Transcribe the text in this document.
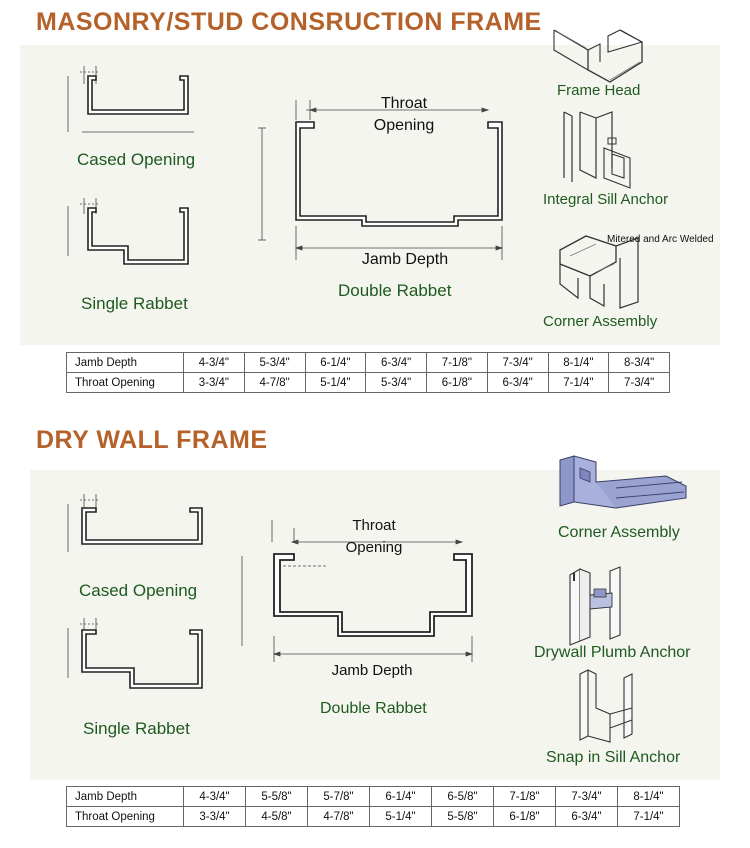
MASONRY/STUD CONSRUCTION FRAME
Cased Opening
Single Rabbet
Throat
Opening
Jamb Depth
Double Rabbet
Frame Head
Integral Sill Anchor
Mitered and Arc Welded
Corner Assembly
Jamb Depth	4-3/4"	5-3/4"	6-1/4"	6-3/4"	7-1/8"	7-3/4"	8-1/4"	8-3/4"
Throat Opening	3-3/4"	4-7/8"	5-1/4"	5-3/4"	6-1/8"	6-3/4"	7-1/4"	7-3/4"
DRY WALL FRAME
Cased Opening
Single Rabbet
Throat
Opening
Jamb Depth
Double Rabbet
Corner Assembly
Drywall Plumb Anchor
Snap in Sill Anchor
Jamb Depth	4-3/4"	5-5/8"	5-7/8"	6-1/4"	6-5/8"	7-1/8"	7-3/4"	8-1/4"
Throat Opening	3-3/4"	4-5/8"	4-7/8"	5-1/4"	5-5/8"	6-1/8"	6-3/4"	7-1/4"
